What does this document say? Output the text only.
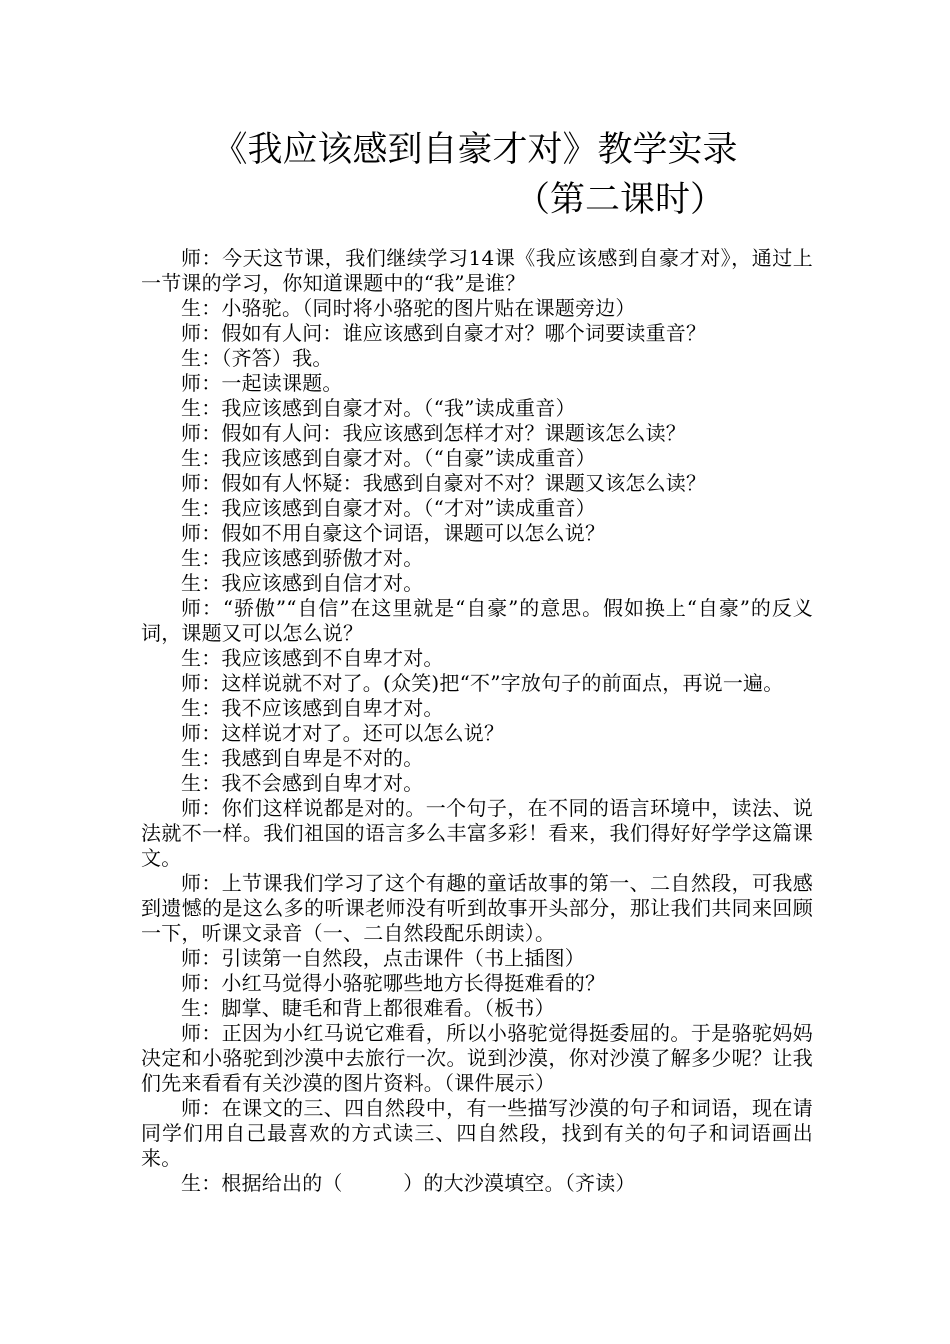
《我应该感到自豪才对》教学实录
（第二课时）

师：今天这节课，我们继续学习14课《我应该感到自豪才对》，通过上一节课的学习，你知道课题中的“我”是谁？

生：小骆驼。（同时将小骆驼的图片贴在课题旁边）

师：假如有人问：谁应该感到自豪才对？哪个词要读重音？

生：（齐答）我。

师：一起读课题。

生：我应该感到自豪才对。（“我”读成重音）

师：假如有人问：我应该感到怎样才对？课题该怎么读？

生：我应该感到自豪才对。（“自豪”读成重音）

师：假如有人怀疑：我感到自豪对不对？课题又该怎么读？

生：我应该感到自豪才对。（“才对”读成重音）

师：假如不用自豪这个词语，课题可以怎么说？

生：我应该感到骄傲才对。

生：我应该感到自信才对。

师：“骄傲”“自信”在这里就是“自豪”的意思。假如换上“自豪”的反义词，课题又可以怎么说？

生：我应该感到不自卑才对。

师：这样说就不对了。(众笑)把“不”字放句子的前面点，再说一遍。

生：我不应该感到自卑才对。

师：这样说才对了。还可以怎么说？

生：我感到自卑是不对的。

生：我不会感到自卑才对。

师：你们这样说都是对的。一个句子，在不同的语言环境中，读法、说法就不一样。我们祖国的语言多么丰富多彩！看来，我们得好好学学这篇课文。

师：上节课我们学习了这个有趣的童话故事的第一、二自然段，可我感到遗憾的是这么多的听课老师没有听到故事开头部分，那让我们共同来回顾一下，听课文录音（一、二自然段配乐朗读）。

师：引读第一自然段，点击课件（书上插图）

师：小红马觉得小骆驼哪些地方长得挺难看的？

生：脚掌、睫毛和背上都很难看。（板书）

师：正因为小红马说它难看，所以小骆驼觉得挺委屈的。于是骆驼妈妈决定和小骆驼到沙漠中去旅行一次。说到沙漠，你对沙漠了解多少呢？让我们先来看看有关沙漠的图片资料。（课件展示）

师：在课文的三、四自然段中，有一些描写沙漠的句子和词语，现在请同学们用自己最喜欢的方式读三、四自然段，找到有关的句子和词语画出来。

生：根据给出的（　　　）的大沙漠填空。（齐读）
